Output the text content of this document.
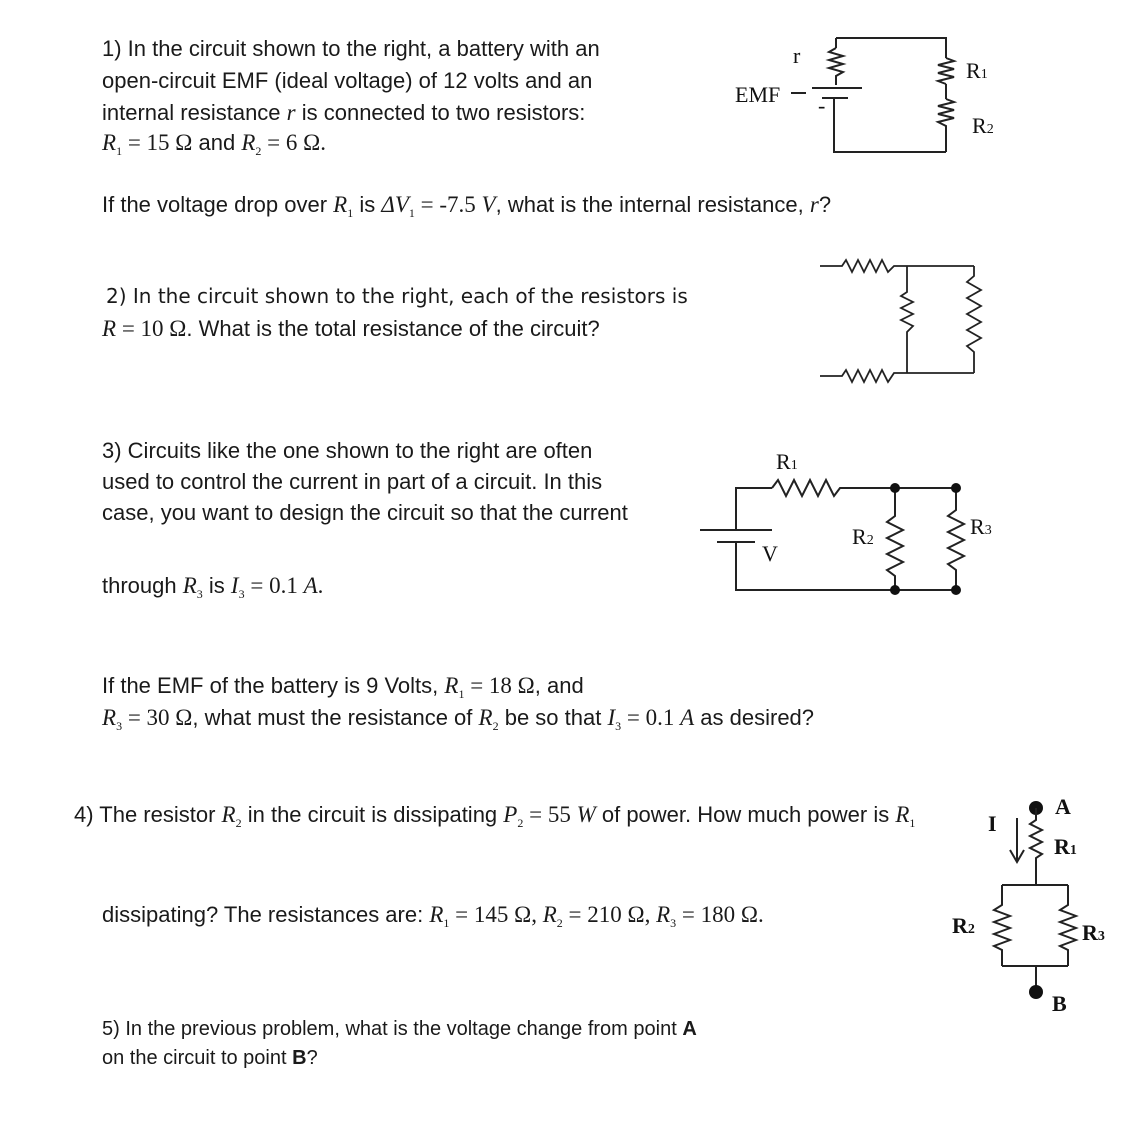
1) In the circuit shown to the right, a battery with an
open-circuit EMF (ideal voltage) of 12 volts and an
internal resistance r is connected to two resistors:
$R_1 = 15$ Ω and $R_2 = 6$ Ω.
If the voltage drop over $R_1$ is $\Delta V_1 = -7.5$ V, what is the internal resistance, r?
2) In the circuit shown to the right, each of the resistors is
R = 10 Ω. What is the total resistance of the circuit?
3) Circuits like the one shown to the right are often
used to control the current in part of a circuit. In this
case, you want to design the circuit so that the current
through $R_3$ is $I_3 = 0.1$ A.
If the EMF of the battery is 9 Volts, $R_1 = 18$ Ω, and
$R_3 = 30$ Ω, what must the resistance of $R_2$ be so that $I_3 = 0.1$ A as desired?
4) The resistor $R_2$ in the circuit is dissipating $P_2 = 55$ W of power. How much power is $R_1$
dissipating? The resistances are: $R_1 = 145$ Ω, $R_2 = 210$ Ω, $R_3 = 180$ Ω.
5) In the previous problem, what is the voltage change from point A
on the circuit to point B?
r
EMF -
R1
R2
R1
R2
R3
V
I
A
B
R1
R2	R3
